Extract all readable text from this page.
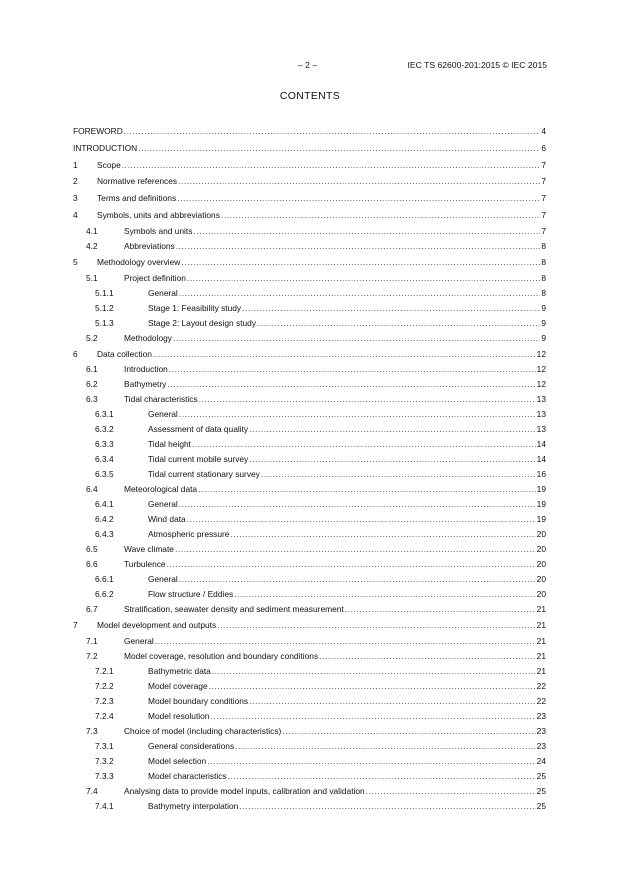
– 2 –	IEC TS 62600-201:2015 © IEC 2015
CONTENTS
FOREWORD .....	4
INTRODUCTION .....	6
1	Scope .....	7
2	Normative references .....	7
3	Terms and definitions .....	7
4	Symbols, units and abbreviations .....	7
4.1	Symbols and units .....	7
4.2	Abbreviations .....	8
5	Methodology overview .....	8
5.1	Project definition .....	8
5.1.1	General .....	8
5.1.2	Stage 1: Feasibility study .....	9
5.1.3	Stage 2: Layout design study .....	9
5.2	Methodology .....	9
6	Data collection .....	12
6.1	Introduction .....	12
6.2	Bathymetry .....	12
6.3	Tidal characteristics .....	13
6.3.1	General .....	13
6.3.2	Assessment of data quality .....	13
6.3.3	Tidal height .....	14
6.3.4	Tidal current mobile survey .....	14
6.3.5	Tidal current stationary survey .....	16
6.4	Meteorological data .....	19
6.4.1	General .....	19
6.4.2	Wind data .....	19
6.4.3	Atmospheric pressure .....	20
6.5	Wave climate .....	20
6.6	Turbulence .....	20
6.6.1	General .....	20
6.6.2	Flow structure / Eddies .....	20
6.7	Stratification, seawater density and sediment measurement .....	21
7	Model development and outputs .....	21
7.1	General .....	21
7.2	Model coverage, resolution and boundary conditions .....	21
7.2.1	Bathymetric data .....	21
7.2.2	Model coverage .....	22
7.2.3	Model boundary conditions .....	22
7.2.4	Model resolution .....	23
7.3	Choice of model (including characteristics) .....	23
7.3.1	General considerations .....	23
7.3.2	Model selection .....	24
7.3.3	Model characteristics .....	25
7.4	Analysing data to provide model inputs, calibration and validation .....	25
7.4.1	Bathymetry interpolation .....	25
